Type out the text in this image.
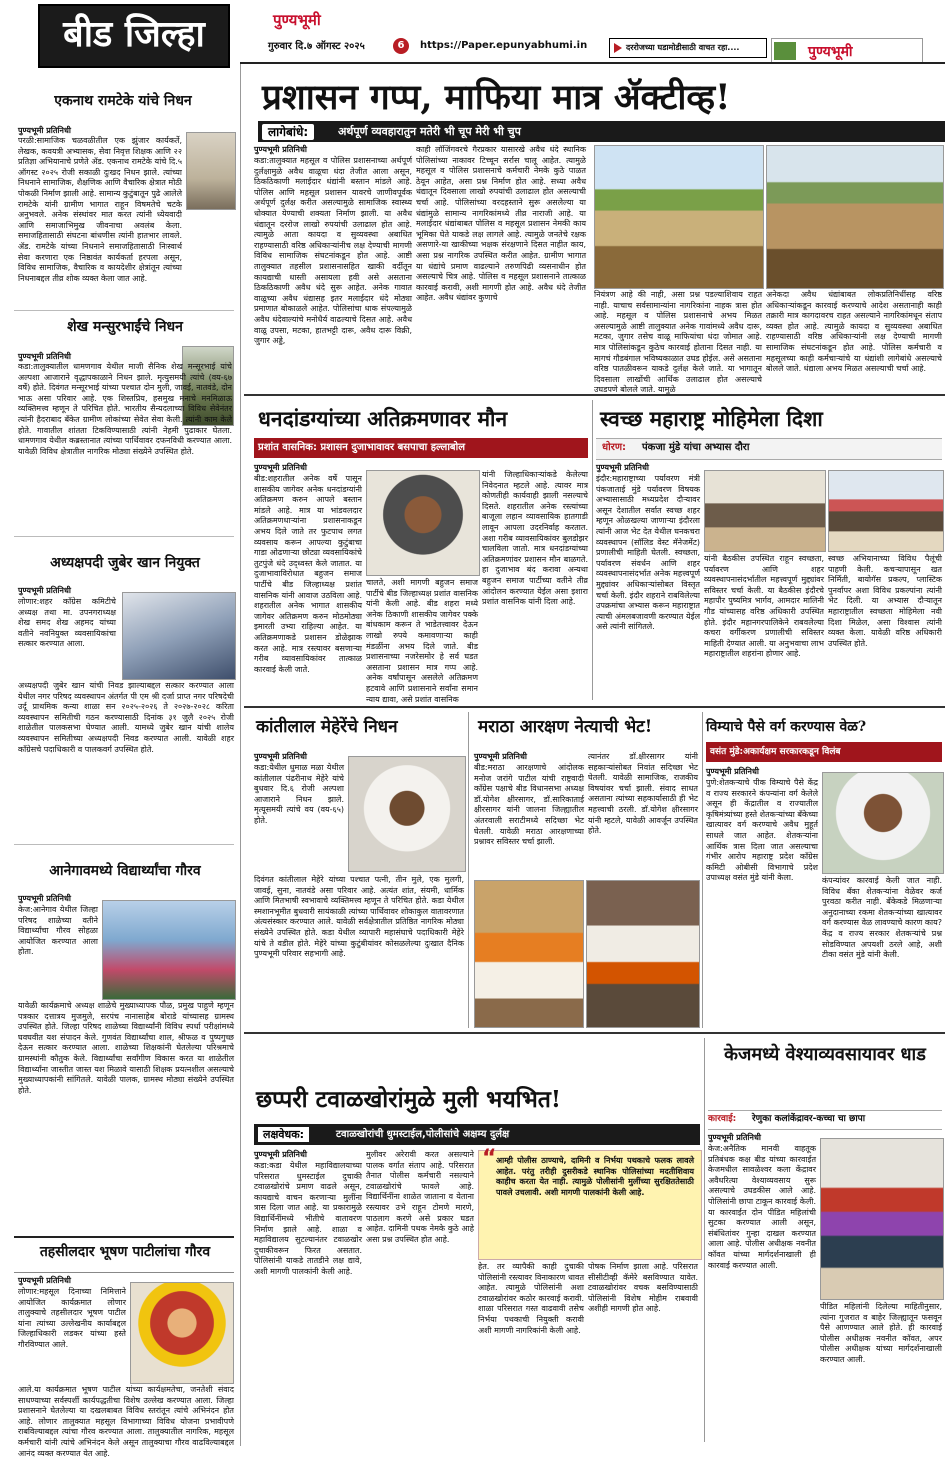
बीड जिल्हा	पुण्यभूमी
गुरुवार दि.७ ऑगस्ट २०२५	6	https://Paper.epunyabhumi.in	दररोजच्या घडामोडीसाठी वाचत रहा....	पुण्यभूमी
एकनाथ रामटेके यांचे निधन
पुण्यभूमी प्रतिनिधी
परळी:सामाजिक चळवळीतील एक झुंजार कार्यकर्ते, लेखक, कवयत्री अभ्यासक, सेवा निवृत्त शिक्षक आणि २२ प्रतिज्ञा अभियानाचे प्रणेते ॲड. एकनाथ रामटेके यांचे दि.५ ऑगस्ट २०२५ रोजी सकाळी दुःखद निधन झाले. त्यांच्या निधनाने सामाजिक, शैक्षणिक आणि वैचारिक क्षेत्रात मोठी पोकळी निर्माण झाली आहे. सामान्य कुटुंबातून पुढे आलेले रामटेके यांनी ग्रामीण भागात राहून विषमतेचे चटके अनुभवले. अनेक संस्थांवर मात करत त्यांनी ध्येयवादी आणि समाजाभिमुख जीवनाचा अवलंब केला. समाजहितासाठी संघटना बांधणीस त्यांनी हातभार लावले. ॲड. रामटेके यांच्या निधनाने समाजहितासाठी निःस्वार्थ सेवा करणारा एक निष्ठावंत कार्यकर्ता हरपला असून, विविध सामाजिक, वैचारिक व कायदेशीर क्षेत्रांतून त्यांच्या निधनाबद्दल तीव्र शोक व्यक्त केला जात आहे.
शेख मन्सुरभाईंचे निधन
पुण्यभूमी प्रतिनिधी
कडा:तालुक्यातील धामणगाव येथील माजी सैनिक शेख मन्सूरभाई यांचे अल्पशा आजाराने वृद्धापकाळाने निधन झाले. मृत्युसमयी त्यांचे (वय-६७ वर्षे) होते. दिवंगत मन्सूरभाई यांच्या पश्चात दोन मुली, जावई, नातवंडे, दोन भाऊ असा परिवार आहे. एक शिस्तप्रिय, हसमुख मनाचे मनमिळाऊ व्यक्तिमत्त्व म्हणून ते परिचित होते. भारतीय सैन्यदलाच्या विविध सेवेनंतर त्यांनी हैदराबाद बँकेत ग्रामीण लोकांच्या सेवेत सेवा केली. त्यांनी काम केले होते. गावातील शांतता टिकविण्यासाठी त्यांनी नेहमी पुढाकार घेतला. धामणगाव येथील कब्रस्तानात त्यांच्या पार्थिवावर दफनविधी करण्यात आला. यावेळी विविध क्षेत्रातील नागरिक मोठ्या संख्येने उपस्थित होते.
अध्यक्षपदी जुबेर खान नियुक्त
पुण्यभूमी प्रतिनिधी
लोणार:शहर काँग्रेस कमिटीचे अध्यक्ष तथा मा. उपनगराध्यक्ष शेख समद शेख अहमद यांच्या वतीने नवनियुक्त व्यवसायिकांचा सत्कार करण्यात आला.
अध्यक्षपदी जुबेर खान यांची निवड झाल्याबद्दल सत्कार करण्यात आला येथील नगर परिषद व्यवस्थापन अंतर्गत पी एम श्री दर्जा प्राप्त नगर परिषदेची उर्दू प्राथमिक कन्या शाळा सन २०२५-२०२६ ते २०२७-२०२८ करिता व्यवस्थापन समितीची गठन करण्यासाठी दिनांक ३१ जुलै २०२५ रोजी शाळेतील पालकसभा घेण्यात आली. यामध्ये जुबेर खान यांची शालेय व्यवस्थापन समितीच्या अध्यक्षपदी निवड करण्यात आली. यावेळी शहर काँग्रेसचे पदाधिकारी व पालकवर्ग उपस्थित होते.
आनेगावमध्ये विद्यार्थ्यांचा गौरव
पुण्यभूमी प्रतिनिधी
केज:आनेगाव येथील जिल्हा परिषद शाळेच्या वतीने विद्यार्थ्यांचा गौरव सोहळा आयोजित करण्यात आला होता.
यावेळी कार्यक्रमाचे अध्यक्ष शाळेचे मुख्याध्यापक पौळ, प्रमुख पाहुणे म्हणून पत्रकार दत्तात्रय मुजमुले, सरपंच नानासाहेब बोराडे यांच्यासह ग्रामस्थ उपस्थित होते. जिल्हा परिषद शाळेच्या विद्यार्थ्यांनी विविध स्पर्धा परीक्षांमध्ये घवघवीत यश संपादन केले. गुणवंत विद्यार्थ्यांचा शाल, श्रीफळ व पुष्पगुच्छ देऊन सत्कार करण्यात आला. शाळेच्या शिक्षकांनी घेतलेल्या परिश्रमाचे ग्रामस्थांनी कौतुक केले. विद्यार्थ्यांचा सर्वांगीण विकास करत या शाळेतील विद्यार्थ्यांना जास्तीत जास्त यश मिळावे यासाठी शिक्षक प्रयत्नशील असल्याचे मुख्याध्यापकांनी सांगितले. यावेळी पालक, ग्रामस्थ मोठ्या संख्येने उपस्थित होते.
तहसीलदार भूषण पाटीलांचा गौरव
पुण्यभूमी प्रतिनिधी
लोणार:महसूल दिनाच्या निमित्ताने आयोजित कार्यक्रमात लोणार तालुक्याचे तहसीलदार भूषण पाटील यांना त्यांच्या उल्लेखनीय कार्याबद्दल जिल्हाधिकारी लडकर यांच्या हस्ते गौरविण्यात आले.
आले.या कार्यक्रमात भूषण पाटील यांच्या कार्यक्षमतेचा, जनतेशी संवाद साधण्याच्या सर्वस्पर्शी कार्यपद्धतीचा विशेष उल्लेख करण्यात आला. जिल्हा प्रशासनाने घेतलेल्या या दखलबाबत विविध स्तरांतून त्यांचे अभिनंदन होत आहे. लोणार तालुक्यात महसूल विभागाच्या विविध योजना प्रभावीपणे राबविल्याबद्दल त्यांचा गौरव करण्यात आला. तालुक्यातील नागरिक, महसूल कर्मचारी यांनी त्यांचे अभिनंदन केले असून तालुक्याचा गौरव वाढविल्याबद्दल आनंद व्यक्त करण्यात येत आहे.
प्रशासन गप्प, माफिया मात्र ॲक्टीव्ह!
लागेबांधे:	अर्थपूर्ण व्यवहारातुन मतेरी भी चूप मेरी भी चुप
पुण्यभूमी प्रतिनिधी
कडा:तालुक्यात महसूल व पोलिस प्रशासनाच्या अर्थपूर्ण दुर्लक्षामुळे अवैध वाळूचा धंदा तेजीत आला असून, ठिकठिकाणी मलाईदार धंद्यांनी बस्तान मांडले आहे. पोलिस आणि महसूल प्रशासन यावरचे जाणीवपूर्वक अर्थपूर्ण दुर्लक्ष करीत असल्यामुळे सामाजिक स्वास्थ्य धोक्यात येण्याची शक्यता निर्माण झाली. या अवैध धंद्यातून दररोज लाखो रुपयांची उलाढाल होत आहे. त्यामुळे आता कायदा व सुव्यवस्था अबाधित राहण्यासाठी वरिष्ठ अधिकाऱ्यांनीच लक्ष देण्याची मागणी विविध सामाजिक संघटनांकडून होत आहे. आष्टी तालुक्यात तहसील प्रशासनासहित खाकी वर्दीतून कायद्याची धास्ती असायला हवी असे असताना ठिकठिकाणी अवैध धंदे सुरू आहेत. अनेक गावात वाळूच्या अवैध धंद्यासह इतर मलाईदार धंदे मोठ्या प्रमाणात बोकाळले आहेत. पोलिसांचा धाक संपल्यामुळे अवैध धंदेवाल्यांचे मनोधैर्य वाढल्याचे दिसत आहे. अवैध वाळू उपसा, मटका, हातभट्टी दारू, अवैध दारू विक्री, जुगार अड्डे,
काही लॉजिंगवरचे गैरप्रकार यासारखे अवैध धंदे स्थानिक पोलिसांच्या नाकावर टिच्चून सर्रास चालू आहेत. त्यामुळे महसूल व पोलिस प्रशासनाचे कर्मचारी नेमके कुठे पाळत ठेवून आहेत, असा प्रश्न निर्माण होत आहे. सध्या अवैध धंद्यातून दिवसाला लाखो रुपयांची उलाढाल होत असल्याची चर्चा आहे. पोलिसांच्या वरदहस्ताने सुरू असलेल्या या धंद्यांमुळे सामान्य नागरिकांमध्ये तीव्र नाराजी आहे. या मलाईदार धंद्यांबाबत पोलिस व महसूल प्रशासन नेमकी काय भूमिका घेते याकडे लक्ष लागले आहे. त्यामुळे जनतेचे रक्षक असणारे-या खाकीच्या भक्षक संरक्षणाने दिसत नाहीत काय, असा प्रश्न नागरिक उपस्थित करीत आहेत. ग्रामीण भागात या धंद्यांचे प्रमाण वाढल्याने तरुणपिढी व्यसनाधीन होत असल्याचे चित्र आहे. पोलिस व महसूल प्रशासनाने तात्काळ कारवाई करावी, अशी मागणी होत आहे. अवैध धंदे तेजीत आहेत. अवैध धंद्यांवर कुणाचे	नियंत्रण आहे की नाही, असा प्रश्न पडल्याशिवाय राहत नाही. याचाच सर्वसामान्यांना नागरिकांना नाहक त्रास होत आहे. महसूल व पोलिस प्रशासनाचे अभय मिळत असल्यामुळे आष्टी तालुक्यात अनेक गावांमध्ये अवैध दारू, मटका, जुगार तसेच वाळू माफियांचा धंदा जोमात आहे. मात्र पोलिसांकडून कुठेच कारवाई होताना दिसत नाही. या मागचं गौडबंगाल भविष्यकाळात उघड होईल. असे असताना वरिष्ठ पातळीवरून याकडे दुर्लक्ष केले जाते. या भागातून दिवसाला लाखोंची आर्थिक उलाढाल होत असल्याचे उघडपणे बोलले जाते. यामुळे
अनेकदा अवैध धंद्यांबाबत लोकप्रतिनिधींसह वरिष्ठ अधिकाऱ्यांकडून कारवाई करण्याचे आदेश असतानाही काही तक्रारी मात्र कागदावरच राहत असल्याने नागरिकांमधून संताप व्यक्त होत आहे. त्यामुळे कायदा व सुव्यवस्था अबाधित राहण्यासाठी वरिष्ठ अधिकाऱ्यांनी लक्ष देण्याची मागणी सामाजिक संघटनांकडून होत आहे. पोलिस कर्मचारी व महसूलच्या काही कर्मचाऱ्यांचे या धंद्यांशी लागेबांधे असल्याचे बोलले जाते. धंद्याला अभय मिळत असल्याची चर्चा आहे.
धनदांडग्यांच्या अतिक्रमणावर मौन
प्रशांत वासनिक: प्रशासन दुजाभावावर बसपाचा हल्लाबोल
पुण्यभूमी प्रतिनिधी
बीड:शहरातील अनेक वर्षे पासून शासकीय जागेवर अनेक धनदांडग्यांनी अतिक्रमण करुन आपले बस्तान मांडले आहे. मात्र या भांडवलदार अतिक्रमणधाऱ्यांना प्रशासनाकडून अभय दिले जाते तर फुटपाथ लगत व्यवसाय करून आपल्या कुटुंबाचा गाडा ओढणाऱ्या छोट्या व्यवसायिकांचे तुटपुंजे धंदे उद्ध्वस्त केले जातात. या दुजाभावाविरोधात बहुजन समाज पार्टीचे बीड जिल्हाध्यक्ष प्रशांत वासनिक यांनी आवाज उठविला आहे. शहरातील अनेक भागात शासकीय जागेवर अतिक्रमण करुन मोठमोठ्या इमारती उभ्या राहिल्या आहेत. या अतिक्रमणाकडे प्रशासन डोळेझाक करत आहे. मात्र रस्त्यावर बसणाऱ्या गरीब व्यावसायिकांवर तात्काळ कारवाई केली जाते.
चालते, अशी मागणी बहुजन समाज पार्टीचे बीड जिल्हाध्यक्ष प्रशांत वासनिक यांनी केली आहे. बीड शहरा मध्ये अनेक ठिकाणी शासकीय जागेवर पक्के बांधकाम करून ते भाडेतत्त्वावर देऊन लाखो रुपये कमावणाऱ्या काही मंडळींना अभय दिले जाते. बीड प्रशासनाच्या नजरेसमोर हे सर्व घडत असताना प्रशासन मात्र गप्प आहे. अनेक वर्षांपासून असलेले अतिक्रमण हटवावे आणि प्रशासनाने सर्वांना समान न्याय द्यावा, असे प्रशांत वासनिक
यांनी जिल्हाधिकाऱ्यांकडे केलेल्या निवेदनात म्हटले आहे. त्यावर मात्र कोणतीही कार्यवाही झाली नसल्याचे दिसते. शहरातील अनेक रस्त्यांच्या बाजूला लहान व्यावसायिक हातगाडी लावून आपला उदरनिर्वाह करतात. अशा गरीब व्यावसायिकांवर बुलडोझर चालविला जातो. मात्र धनदांडग्यांच्या अतिक्रमणांवर प्रशासन मौन बाळगते. हा दुजाभाव बंद करावा अन्यथा बहुजन समाज पार्टीच्या वतीने तीव्र आंदोलन करण्यात येईल असा इशारा प्रशांत वासनिक यांनी दिला आहे.
स्वच्छ महाराष्ट्र मोहिमेला दिशा
धोरण: पंकजा मुंडे यांचा अभ्यास दौरा
पुण्यभूमी प्रतिनिधी
इंदौर:महाराष्ट्राच्या पर्यावरण मंत्री पंकजाताई मुंडे पर्यावरण विषयक अभ्यासासाठी मध्यप्रदेश दौऱ्यावर असून देशातील सर्वात स्वच्छ शहर म्हणून ओळखल्या जाणाऱ्या इंदौरला त्यांनी आज भेट देत येथील घनकचरा व्यवस्थापन (सॉलिड वेस्ट मॅनेजमेंट) प्रणालीची माहिती घेतली. स्वच्छता, पर्यावरण संवर्धन आणि शहर व्यवस्थापनासंदर्भात अनेक महत्त्वपूर्ण मुद्द्यांवर अधिकाऱ्यांसोबत विस्तृत चर्चा केली. इंदौर शहराने राबविलेल्या उपक्रमांचा अभ्यास करून महाराष्ट्रात त्याची अंमलबजावणी करण्यात येईल असे त्यांनी सांगितले.
यांनी बैठकीस उपस्थित राहून स्वच्छता, पर्यावरण आणि शहर व्यवस्थापनासंदर्भातील महत्त्वपूर्ण मुद्द्यांवर सविस्तर चर्चा केली. या बैठकीस इंदौरचे महापौर पुष्यमित्र भार्गव, आमदार मालिनी गौड यांच्यासह वरिष्ठ अधिकारी उपस्थित होते. इंदौर महानगरपालिकेने राबवलेल्या कचरा वर्गीकरण प्रणालीची सविस्तर माहिती देण्यात आली. या अनुभवाचा लाभ महाराष्ट्रातील शहरांना होणार आहे.
स्वच्छ अभियानाच्या विविध पैलूंची पाहणी केली. कचऱ्यापासून खत निर्मिती, बायोगॅस प्रकल्प, प्लास्टिक पुनर्वापर अशा विविध प्रकल्पांना त्यांनी भेट दिली. या अभ्यास दौऱ्यातून महाराष्ट्रातील स्वच्छता मोहिमेला नवी दिशा मिळेल, असा विश्वास त्यांनी व्यक्त केला. यावेळी वरिष्ठ अधिकारी उपस्थित होते.
कांतीलाल मेहेरेंचे निधन
पुण्यभूमी प्रतिनिधी
कडा:येथील धुमाळ मळा येथील कांतीलाल पंढरीनाथ मेहेरे यांचे बुधवार दि.६ रोजी अल्पशा आजाराने निधन झाले. मृत्यूसमयी त्यांचे वय (वय-६५) होते.
दिवंगत कांतीलाल मेहेरे यांच्या पश्चात पत्नी, तीन मुले, एक मुलगी, जावई, सुना, नातवंडे असा परिवार आहे. अत्यंत शांत, संयमी, धार्मिक आणि मितभाषी स्वभावाचे व्यक्तिमत्त्व म्हणून ते परिचित होते. कडा येथील स्मशानभूमीत बुधवारी सायंकाळी त्यांच्या पार्थिवावर शोकाकुल वातावरणात अंत्यसंस्कार करण्यात आले. यावेळी सर्वक्षेत्रातील प्रतिष्ठित नागरिक मोठ्या संख्येने उपस्थित होते. कडा येथील व्यापारी महासंघाचे पदाधिकारी मेहेरे यांचे ते वडील होते. मेहेरे यांच्या कुटुंबीयांवर कोसळलेल्या दुःखात दैनिक पुण्यभूमी परिवार सहभागी आहे.
मराठा आरक्षण नेत्याची भेट!
पुण्यभूमी प्रतिनिधी
बीड:मराठा आरक्षणाचे आंदोलक मनोज जरांगे पाटील यांची राष्ट्रवादी काँग्रेस पक्षाचे बीड विधानसभा अध्यक्ष डॉ.योगेश क्षीरसागर, डॉ.सारिकाताई क्षीरसागर यांनी जालना जिल्ह्यातील अंतरवाली सराटीमध्ये सदिच्छा भेट घेतली. यावेळी मराठा आरक्षणाच्या प्रश्नावर सविस्तर चर्चा झाली.
त्यानंतर डॉ.क्षीरसागर यांनी सहकाऱ्यांसोबत निवांत सदिच्छा भेट घेतली. यावेळी सामाजिक, राजकीय विषयांवर चर्चा झाली. संवाद साधत असताना त्यांच्या सहकार्यासाठी ही भेट महत्त्वाची ठरली. डॉ.योगेश क्षीरसागर यांनी म्हटले, यावेळी आवर्जून उपस्थित होते.
विम्याचे पैसे वर्ग करण्यास वेळ?
वसंत मुंडे:अकार्यक्षम सरकारकडून विलंब
पुण्यभूमी प्रतिनिधी
पुणे:शेतकऱ्याचे पीक विम्याचे पैसे केंद्र व राज्य सरकारने कंपन्यांना वर्ग केलेले असून ही केंद्रातील व राज्यातील कृषिमंत्र्यांच्या हस्ते शेतकऱ्यांच्या बँकेच्या खात्यावर वर्ग करण्याचे अवैध मुहूर्त साधले जात आहेत. शेतकऱ्यांना आर्थिक त्रास दिला जात असल्याचा गंभीर आरोप महाराष्ट्र प्रदेश काँग्रेस कमिटी ओबीसी विभागाचे प्रदेश उपाध्यक्ष वसंत मुंडे यांनी केला.	कंपन्यांवर कारवाई केली जात नाही. विविध बँका शेतकऱ्यांना वेळेवर कर्ज पुरवठा करीत नाही. बँकेकडे मिळणाऱ्या अनुदानाच्या रकमा शेतकऱ्यांच्या खात्यावर वर्ग करण्यास वेळ लावण्याचे कारण काय? केंद्र व राज्य सरकार शेतकऱ्यांचे प्रश्न सोडविण्यात अपयशी ठरले आहे, अशी टीका वसंत मुंडे यांनी केली.
छप्परी टवाळखोरांमुळे मुली भयभित!
लक्षवेधक:	टवाळखोरांची धुमस्टाईल,पोलीसांचे अक्षम्य दुर्लक्ष
पुण्यभूमी प्रतिनिधी
कडा:कडा येथील महाविद्यालयाच्या परिसरात धुमस्टाईल दुचाकी टवाळखोरांचे प्रमाण वाढले असून, कायद्याचे वाचन करणाऱ्या मुलींना त्रास दिला जात आहे. या प्रकारामुळे विद्यार्थिनींमध्ये भीतीचे वातावरण निर्माण झाले आहे. शाळा व महाविद्यालय सुटल्यानंतर टवाळखोर दुचाकीवरून फिरत असतात. पोलिसांनी याकडे तातडीने लक्ष द्यावे, अशी मागणी पालकांनी केली आहे.
मुलीवर अरेरावी करत असल्याने पालक वर्गात संताप आहे. परिसरात तैनात पोलीस कर्मचारी नसल्याने टवाळखोरांचे फावले आहे. विद्यार्थिनींना शाळेत जाताना व येताना रस्त्यावर उभे राहून टोमणे मारणे, पाठलाग करणे असे प्रकार घडत आहेत. दामिनी पथक नेमके कुठे आहे असा प्रश्न उपस्थित होत आहे.
“ आम्ही पोलीस ठाण्याचे, दामिनी व निर्भया पथकाचे फलक लावले आहेत. परंतु तरीही दुसरीकडे स्थानिक पोलिसांच्या मदतीशिवाय काहीच करता येत नाही. त्यामुळे पोलीसांनी मुलींच्या सुरक्षिततेसाठी पावले उचलावी. अशी मागणी पालकांनी केली आहे.
हेत. तर व्यापैकी काही दुचाकी पोलिसांनी रस्त्यावर विनाकारण धावत आहेत. त्यामुळे पोलिसांनी अशा टवाळखोरांवर कठोर कारवाई करावी. शाळा परिसरात गस्त वाढवावी तसेच निर्भया पथकाची नियुक्ती करावी अशी मागणी नागरिकांनी केली आहे.
पोषक निर्माण झाला आहे. परिसरात सीसीटीव्ही कॅमेरे बसविण्यात यावेत. टवाळखोरांवर वचक बसविण्यासाठी पोलिसांनी विशेष मोहीम राबवावी अशीही मागणी होत आहे.
केजमध्ये वेश्याव्यवसायावर धाड
कारवाई: रेणुका कलांकेंद्रावर-कच्चा चा छापा
पुण्यभूमी प्रतिनिधी
केज:अनैतिक मानवी वाहतूक प्रतिबंधक कक्ष बीड यांच्या कारवाईत केजमधील सावळेश्वर कला केंद्रावर अवैधरित्या वेश्याव्यवसाय सुरू असल्याचे उघडकीस आले आहे. पोलिसांनी छापा टाकून कारवाई केली. या कारवाईत दोन पीडित महिलांची सुटका करण्यात आली असून, संबंधितांवर गुन्हा दाखल करण्यात आला आहे. पोलीस अधीक्षक नवनीत कॉवत यांच्या मार्गदर्शनाखाली ही कारवाई करण्यात आली.
पीडित महिलांनी दिलेल्या माहितीनुसार, त्यांना गुजरात व बाहेर जिल्ह्यातून फसवून पैसे आणण्यात आले होते. ही कारवाई पोलीस अधीक्षक नवनीत कॉवत, अपर पोलीस अधीक्षक यांच्या मार्गदर्शनाखाली करण्यात आली.
